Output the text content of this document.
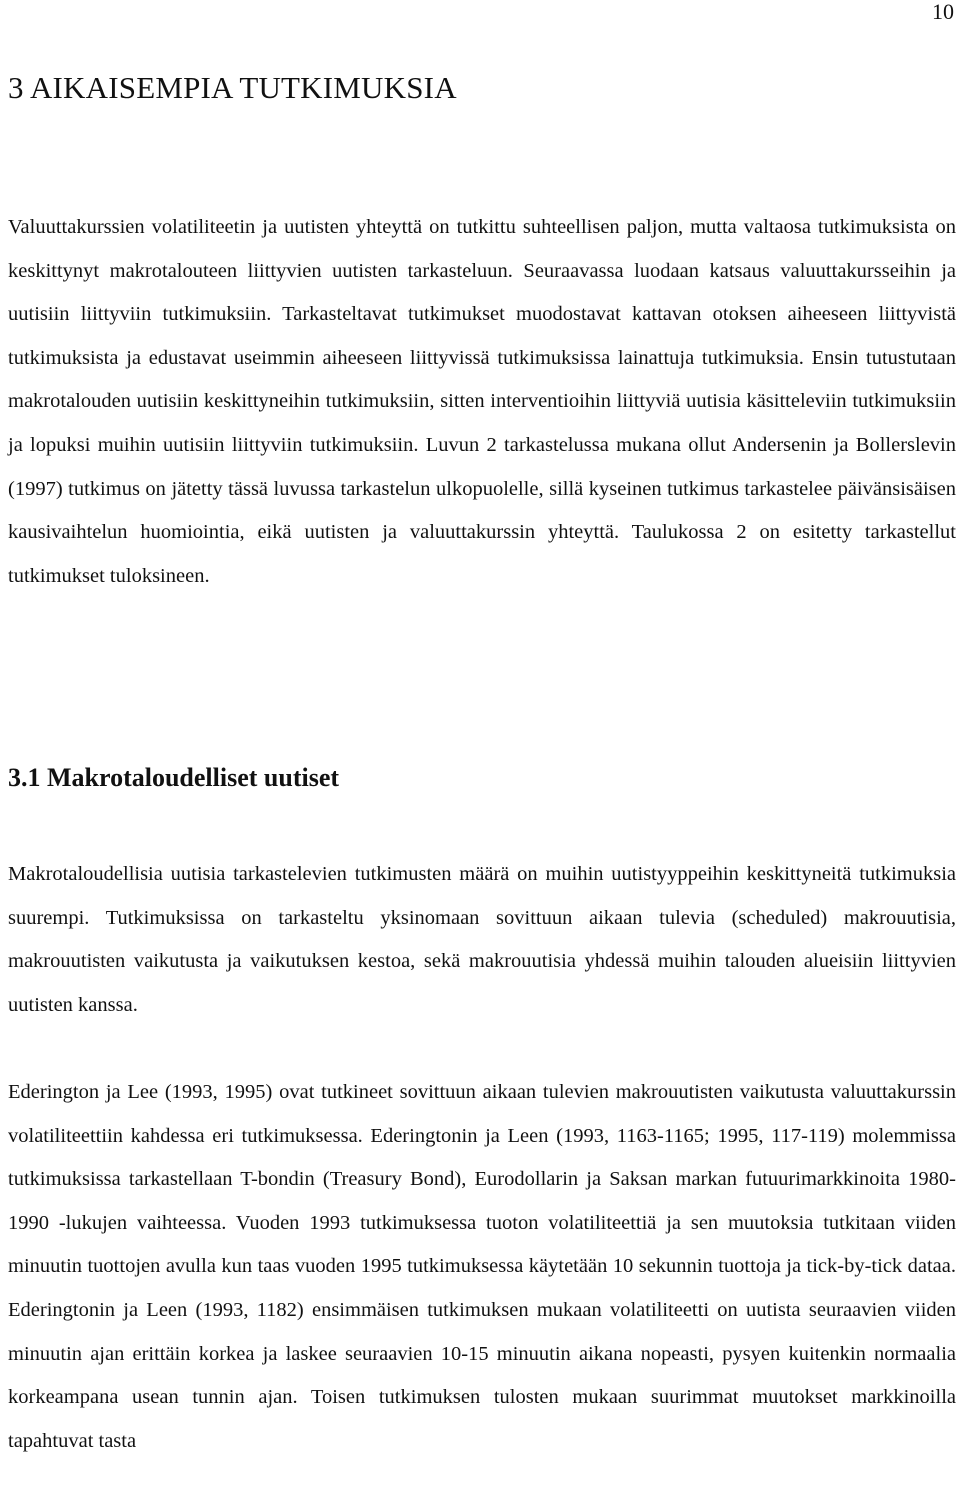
10
3 AIKAISEMPIA TUTKIMUKSIA

Valuuttakurssien volatiliteetin ja uutisten yhteyttä on tutkittu suhteellisen paljon, mutta valtaosa tutkimuksista on keskittynyt makrotalouteen liittyvien uutisten tarkasteluun. Seuraavassa luodaan katsaus valuuttakursseihin ja uutisiin liittyviin tutkimuksiin. Tarkasteltavat tutkimukset muodostavat kattavan otoksen aiheeseen liittyvistä tutkimuksista ja edustavat useimmin aiheeseen liittyvissä tutkimuksissa lainattuja tutkimuksia. Ensin tutustutaan makrotalouden uutisiin keskittyneihin tutkimuksiin, sitten interventioihin liittyviä uutisia käsitteleviin tutkimuksiin ja lopuksi muihin uutisiin liittyviin tutkimuksiin. Luvun 2 tarkastelussa mukana ollut Andersenin ja Bollerslevin (1997) tutkimus on jätetty tässä luvussa tarkastelun ulkopuolelle, sillä kyseinen tutkimus tarkastelee päivänsisäisen kausivaihtelun huomiointia, eikä uutisten ja valuuttakurssin yhteyttä. Taulukossa 2 on esitetty tarkastellut tutkimukset tuloksineen.

3.1 Makrotaloudelliset uutiset

Makrotaloudellisia uutisia tarkastelevien tutkimusten määrä on muihin uutistyyppeihin keskittyneitä tutkimuksia suurempi. Tutkimuksissa on tarkasteltu yksinomaan sovittuun aikaan tulevia (scheduled) makrouutisia, makrouutisten vaikutusta ja vaikutuksen kestoa, sekä makrouutisia yhdessä muihin talouden alueisiin liittyvien uutisten kanssa.

Ederington ja Lee (1993, 1995) ovat tutkineet sovittuun aikaan tulevien makrouutisten vaikutusta valuuttakurssin volatiliteettiin kahdessa eri tutkimuksessa. Ederingtonin ja Leen (1993, 1163-1165; 1995, 117-119) molemmissa tutkimuksissa tarkastellaan T-bondin (Treasury Bond), Eurodollarin ja Saksan markan futuurimarkkinoita 1980-1990 -lukujen vaihteessa. Vuoden 1993 tutkimuksessa tuoton volatiliteettiä ja sen muutoksia tutkitaan viiden minuutin tuottojen avulla kun taas vuoden 1995 tutkimuksessa käytetään 10 sekunnin tuottoja ja tick-by-tick dataa. Ederingtonin ja Leen (1993, 1182) ensimmäisen tutkimuksen mukaan volatiliteetti on uutista seuraavien viiden minuutin ajan erittäin korkea ja laskee seuraavien 10-15 minuutin aikana nopeasti, pysyen kuitenkin normaalia korkeampana usean tunnin ajan. Toisen tutkimuksen tulosten mukaan suurimmat muutokset markkinoilla tapahtuvat tasta
